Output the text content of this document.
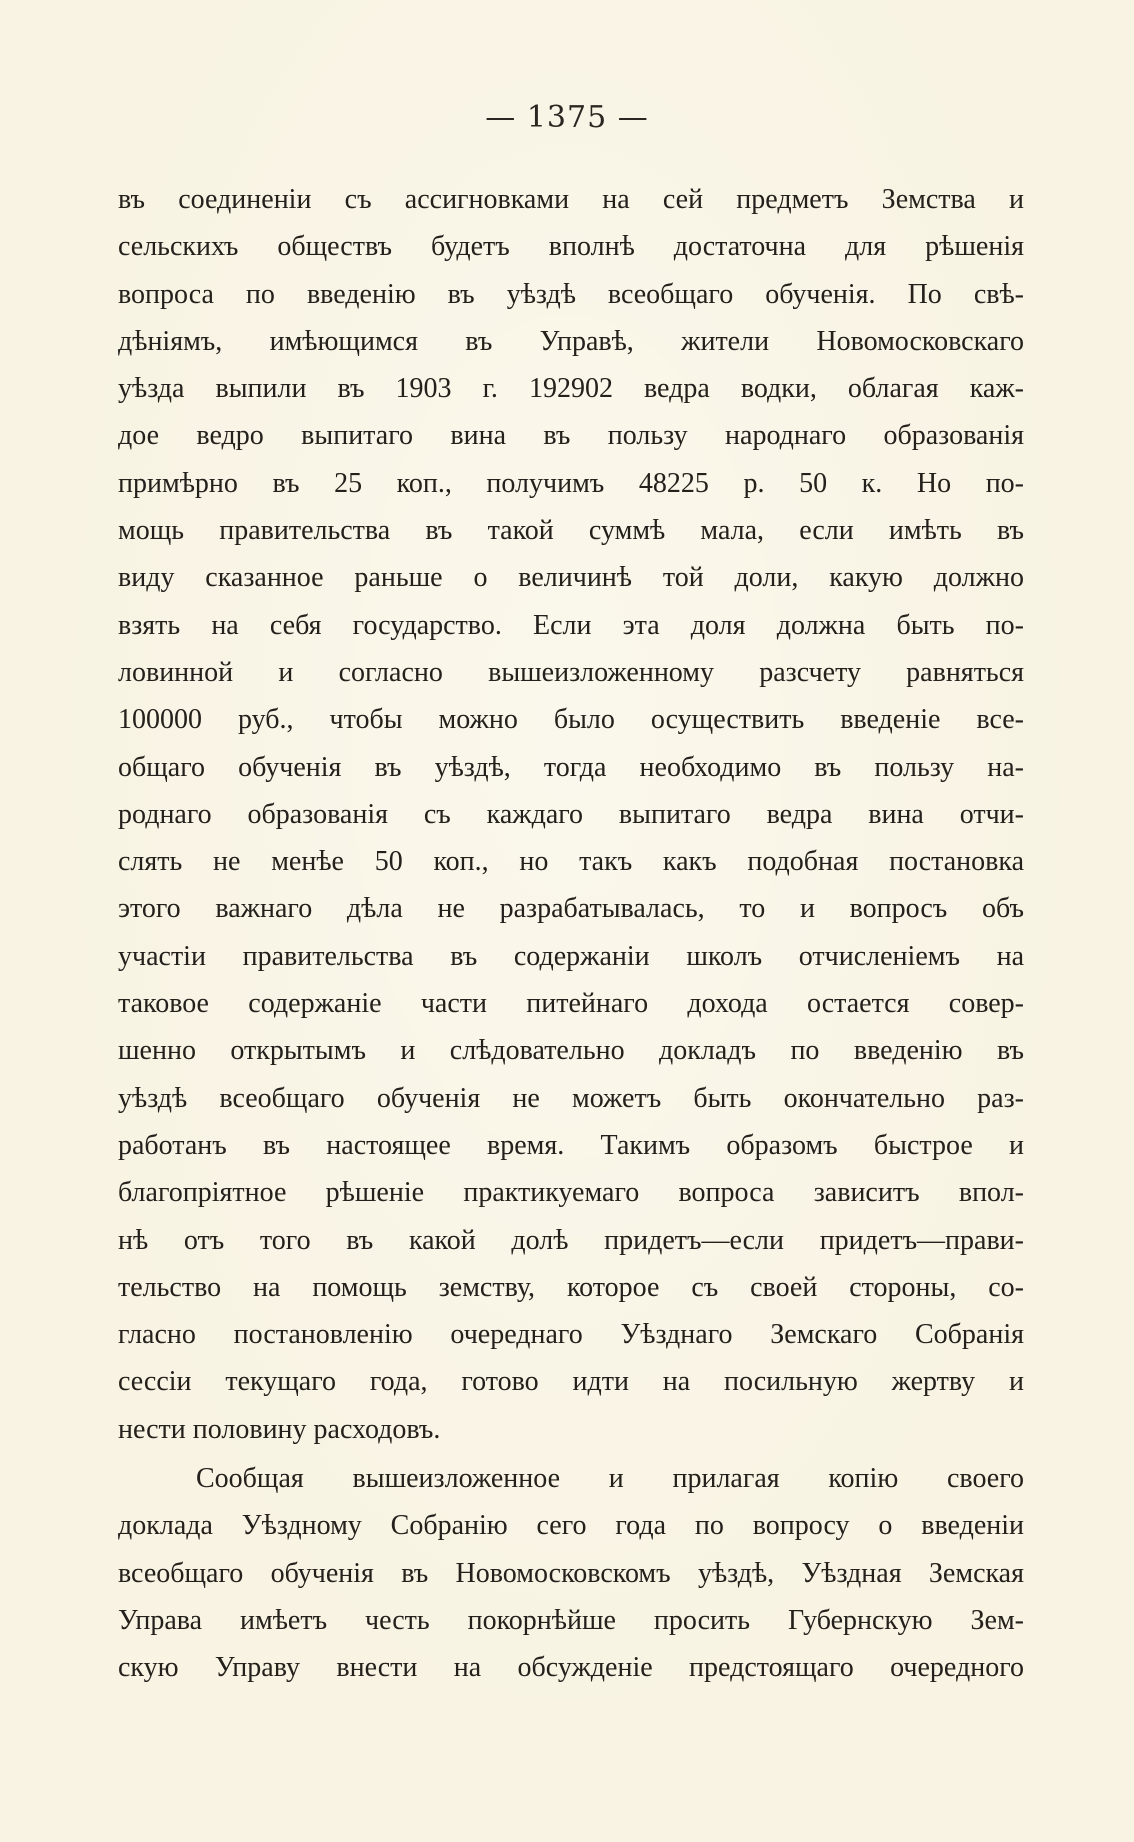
— 1375 —
въ соединеніи съ ассигновками на сей предметъ Земства и
сельскихъ обществъ будетъ вполнѣ достаточна для рѣшенія
вопроса по введенію въ уѣздѣ всеобщаго обученія. По свѣ-
дѣніямъ, имѣющимся въ Управѣ, жители Новомосковскаго
уѣзда выпили въ 1903 г. 192902 ведра водки, облагая каж-
дое ведро выпитаго вина въ пользу народнаго образованія
примѣрно въ 25 коп., получимъ 48225 р. 50 к. Но по-
мощь правительства въ такой суммѣ мала, если имѣть въ
виду сказанное раньше о величинѣ той доли, какую должно
взять на себя государство. Если эта доля должна быть по-
ловинной и согласно вышеизложенному разсчету равняться
100000 руб., чтобы можно было осуществить введеніе все-
общаго обученія въ уѣздѣ, тогда необходимо въ пользу на-
роднаго образованія съ каждаго выпитаго ведра вина отчи-
слять не менѣе 50 коп., но такъ какъ подобная постановка
этого важнаго дѣла не разрабатывалась, то и вопросъ объ
участіи правительства въ содержаніи школъ отчисленіемъ на
таковое содержаніе части питейнаго дохода остается совер-
шенно открытымъ и слѣдовательно докладъ по введенію въ
уѣздѣ всеобщаго обученія не можетъ быть окончательно раз-
работанъ въ настоящее время. Такимъ образомъ быстрое и
благопріятное рѣшеніе практикуемаго вопроса зависитъ впол-
нѣ отъ того въ какой долѣ придетъ—если придетъ—прави-
тельство на помощь земству, которое съ своей стороны, со-
гласно постановленію очереднаго Уѣзднаго Земскаго Собранія
сессіи текущаго года, готово идти на посильную жертву и
нести половину расходовъ.
Сообщая вышеизложенное и прилагая копію своего
доклада Уѣздному Собранію сего года по вопросу о введеніи
всеобщаго обученія въ Новомосковскомъ уѣздѣ, Уѣздная Земская
Управа имѣетъ честь покорнѣйше просить Губернскую Зем-
скую Управу внести на обсужденіе предстоящаго очередного
